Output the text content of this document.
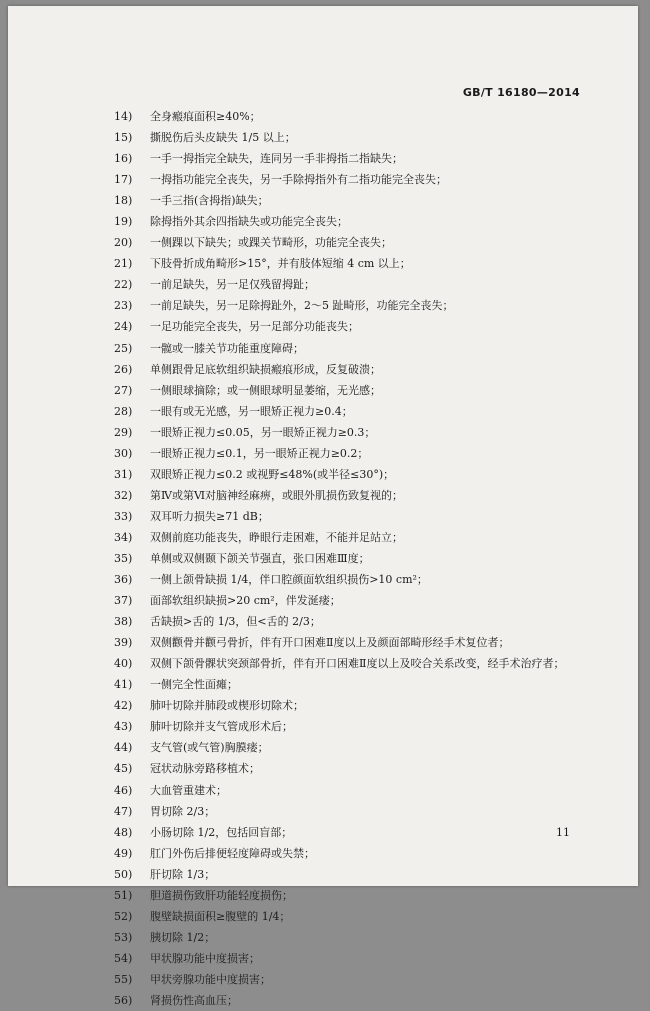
GB/T 16180—2014
14) 全身瘢痕面积≥40%；
15) 撕脱伤后头皮缺失 1/5 以上；
16) 一手一拇指完全缺失，连同另一手非拇指二指缺失；
17) 一拇指功能完全丧失，另一手除拇指外有二指功能完全丧失；
18) 一手三指(含拇指)缺失；
19) 除拇指外其余四指缺失或功能完全丧失；
20) 一侧踝以下缺失；或踝关节畸形，功能完全丧失；
21) 下肢骨折成角畸形>15°，并有肢体短缩 4 cm 以上；
22) 一前足缺失，另一足仅残留拇趾；
23) 一前足缺失，另一足除拇趾外，2～5 趾畸形，功能完全丧失；
24) 一足功能完全丧失，另一足部分功能丧失；
25) 一髋或一膝关节功能重度障碍；
26) 单侧跟骨足底软组织缺损瘢痕形成，反复破溃；
27) 一侧眼球摘除；或一侧眼球明显萎缩，无光感；
28) 一眼有或无光感，另一眼矫正视力≥0.4；
29) 一眼矫正视力≤0.05，另一眼矫正视力≥0.3；
30) 一眼矫正视力≤0.1，另一眼矫正视力≥0.2；
31) 双眼矫正视力≤0.2 或视野≤48%(或半径≤30°)；
32) 第Ⅳ或第Ⅵ对脑神经麻痹，或眼外肌损伤致复视的；
33) 双耳听力损失≥71 dB；
34) 双侧前庭功能丧失，睁眼行走困难，不能并足站立；
35) 单侧或双侧颞下颌关节强直，张口困难Ⅲ度；
36) 一侧上颌骨缺损 1/4，伴口腔颜面软组织损伤>10 cm²；
37) 面部软组织缺损>20 cm²，伴发涎瘘；
38) 舌缺损>舌的 1/3，但<舌的 2/3；
39) 双侧颧骨并颧弓骨折，伴有开口困难Ⅱ度以上及颜面部畸形经手术复位者；
40) 双侧下颌骨髁状突颈部骨折，伴有开口困难Ⅱ度以上及咬合关系改变，经手术治疗者；
41) 一侧完全性面瘫；
42) 肺叶切除并肺段或楔形切除术；
43) 肺叶切除并支气管成形术后；
44) 支气管(或气管)胸膜瘘；
45) 冠状动脉旁路移植术；
46) 大血管重建术；
47) 胃切除 2/3；
48) 小肠切除 1/2，包括回盲部；
49) 肛门外伤后排便轻度障碍或失禁；
50) 肝切除 1/3；
51) 胆道损伤致肝功能轻度损伤；
52) 腹壁缺损面积≥腹壁的 1/4；
53) 胰切除 1/2；
54) 甲状腺功能中度损害；
55) 甲状旁腺功能中度损害；
56) 肾损伤性高血压；
11
